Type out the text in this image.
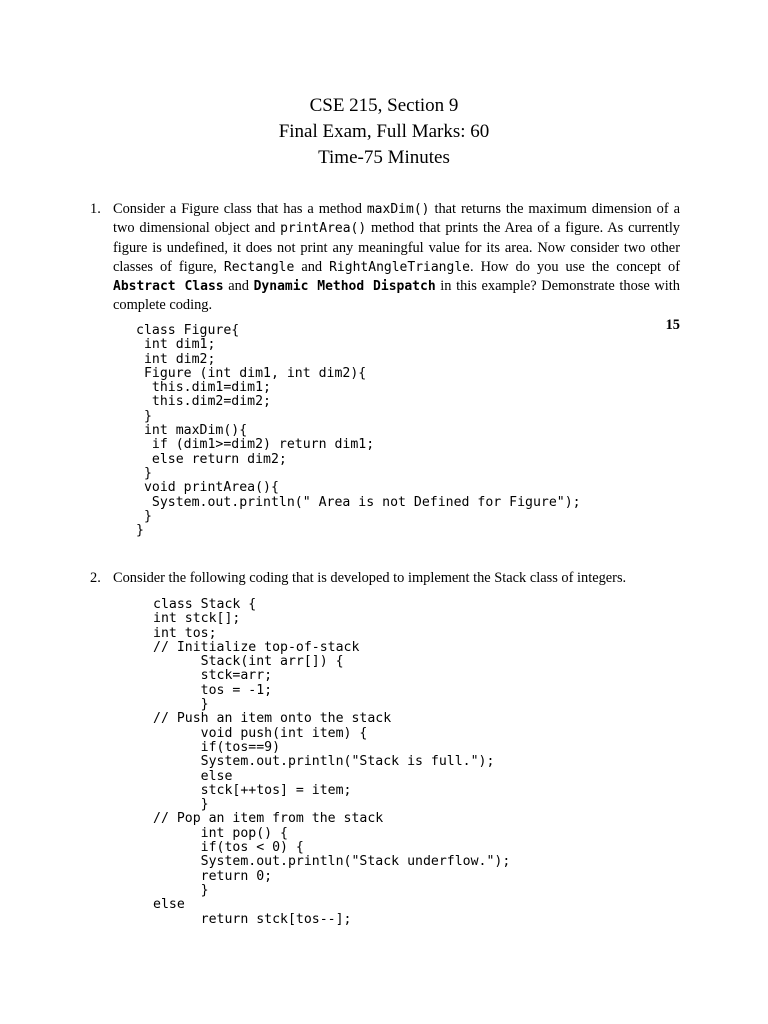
CSE 215, Section 9
Final Exam, Full Marks: 60
Time-75 Minutes
1. Consider a Figure class that has a method maxDim() that returns the maximum dimension of a two dimensional object and printArea() method that prints the Area of a figure. As currently figure is undefined, it does not print any meaningful value for its area. Now consider two other classes of figure, Rectangle and RightAngleTriangle. How do you use the concept of Abstract Class and Dynamic Method Dispatch in this example? Demonstrate those with complete coding.
15
class Figure{
int dim1;
int dim2;
Figure (int dim1, int dim2){
this.dim1=dim1;
this.dim2=dim2;
}
int maxDim(){
if (dim1>=dim2) return dim1;
else return dim2;
}
void printArea(){
System.out.println(" Area is not Defined for Figure");
}
}
2. Consider the following coding that is developed to implement the Stack class of integers.
class Stack {
int stck[];
int tos;
// Initialize top-of-stack
Stack(int arr[]) {
stck=arr;
tos = -1;
}
// Push an item onto the stack
void push(int item) {
if(tos==9)
System.out.println("Stack is full.");
else
stck[++tos] = item;
}
// Pop an item from the stack
int pop() {
if(tos < 0) {
System.out.println("Stack underflow.");
return 0;
}
else
return stck[tos--];
